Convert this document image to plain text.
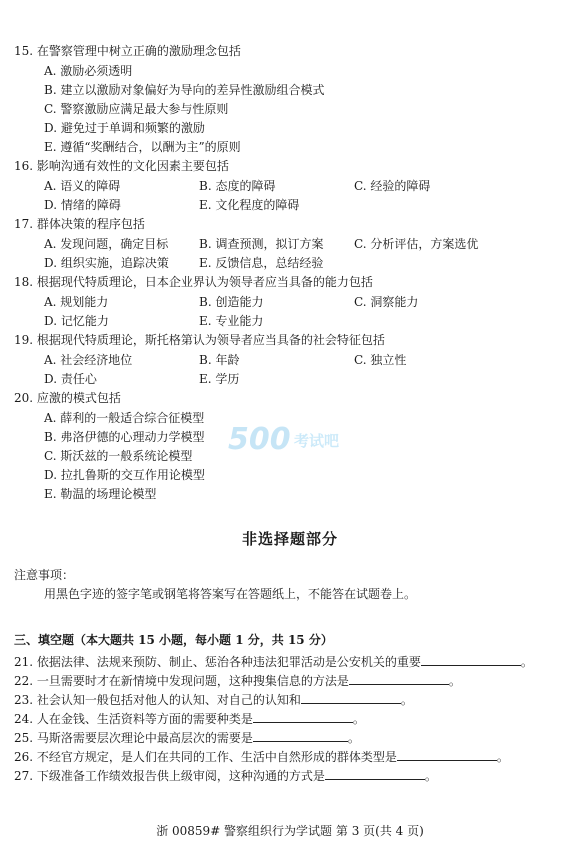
15. 在警察管理中树立正确的激励理念包括
A. 激励必须透明
B. 建立以激励对象偏好为导向的差异性激励组合模式
C. 警察激励应满足最大参与性原则
D. 避免过于单调和频繁的激励
E. 遵循“奖酬结合，以酬为主”的原则
16. 影响沟通有效性的文化因素主要包括
A. 语义的障碍	B. 态度的障碍	C. 经验的障碍
D. 情绪的障碍	E. 文化程度的障碍
17. 群体决策的程序包括
A. 发现问题，确定目标	B. 调查预测，拟订方案	C. 分析评估，方案选优
D. 组织实施，追踪决策	E. 反馈信息，总结经验
18. 根据现代特质理论，日本企业界认为领导者应当具备的能力包括
A. 规划能力	B. 创造能力	C. 洞察能力
D. 记忆能力	E. 专业能力
19. 根据现代特质理论，斯托格第认为领导者应当具备的社会特征包括
A. 社会经济地位	B. 年龄	C. 独立性
D. 责任心	E. 学历
20. 应激的模式包括
A. 薛利的一般适合综合征模型
B. 弗洛伊德的心理动力学模型
C. 斯沃兹的一般系统论模型
D. 拉扎鲁斯的交互作用论模型
E. 勒温的场理论模型
500 考试吧
非选择题部分
注意事项：
用黑色字迹的签字笔或钢笔将答案写在答题纸上，不能答在试题卷上。
三、填空题（本大题共 15 小题，每小题 1 分，共 15 分）
21. 依据法律、法规来预防、制止、惩治各种违法犯罪活动是公安机关的重要	。
22. 一旦需要时才在新情境中发现问题，这种搜集信息的方法是	。
23. 社会认知一般包括对他人的认知、对自己的认知和	。
24. 人在金钱、生活资料等方面的需要种类是	。
25. 马斯洛需要层次理论中最高层次的需要是	。
26. 不经官方规定，是人们在共同的工作、生活中自然形成的群体类型是	。
27. 下级准备工作绩效报告供上级审阅，这种沟通的方式是	。
浙 00859# 警察组织行为学试题 第 3 页(共 4 页)
